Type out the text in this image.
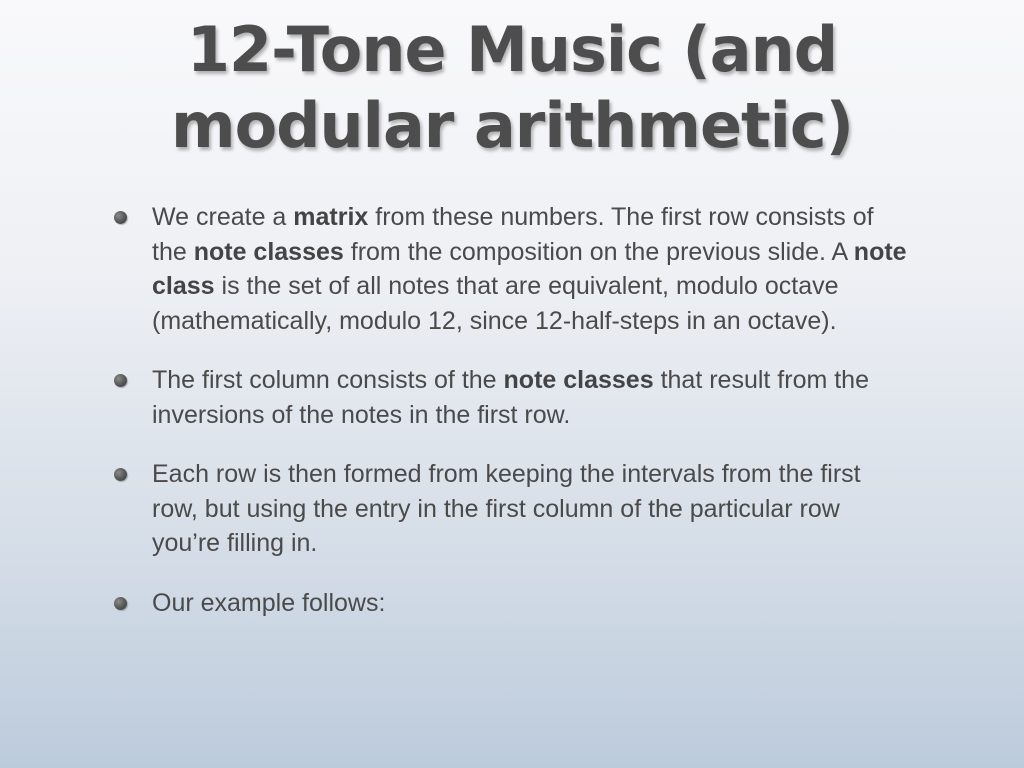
12-Tone Music (and
modular arithmetic)
We create a matrix from these numbers. The first row consists of the note classes from the composition on the previous slide. A note class is the set of all notes that are equivalent, modulo octave (mathematically, modulo 12, since 12-half-steps in an octave).
The first column consists of the note classes that result from the inversions of the notes in the first row.
Each row is then formed from keeping the intervals from the first row, but using the entry in the first column of the particular row you’re filling in.
Our example follows:
